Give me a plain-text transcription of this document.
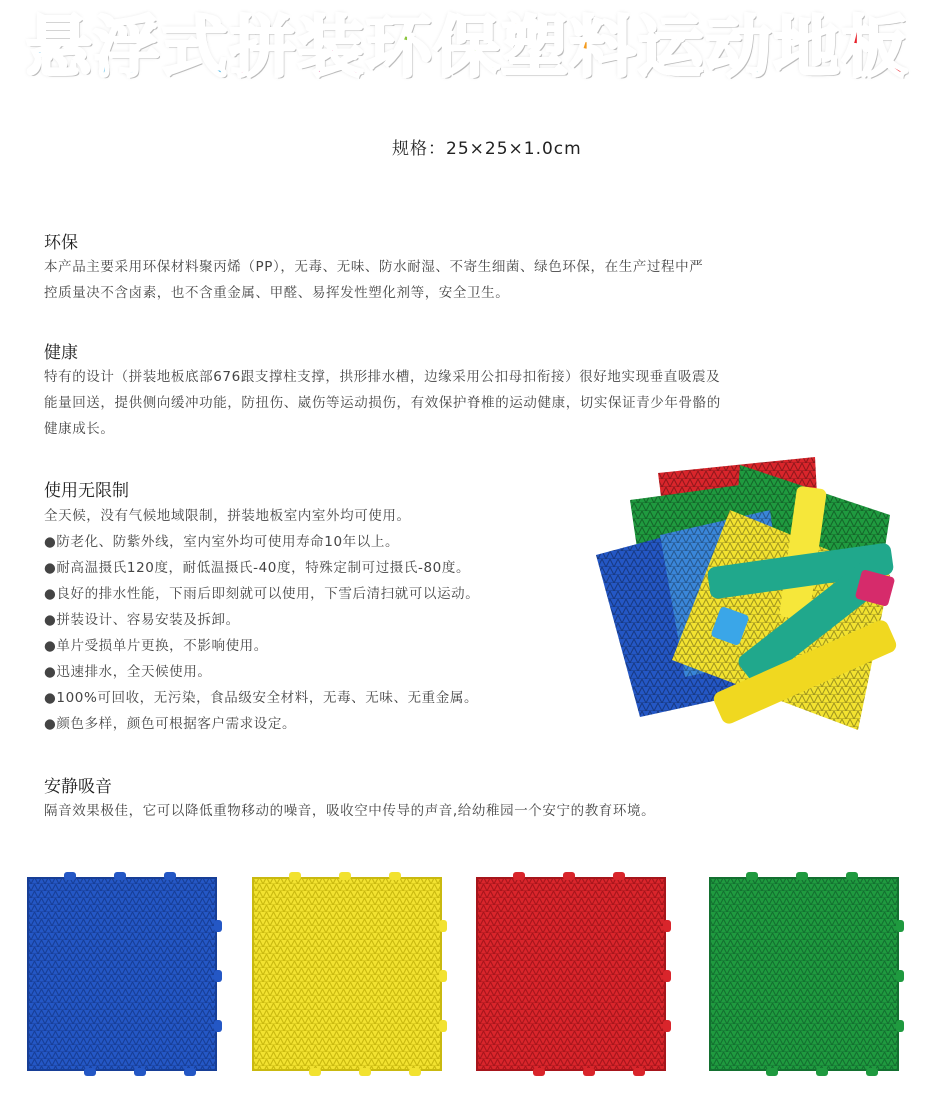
悬 浮 式 拼 装 环 保 塑 料 运 动 地 板
规格：25×25×1.0cm
环保
本产品主要采用环保材料聚丙烯（PP），无毒、无味、防水耐湿、不寄生细菌、绿色环保，在生产过程中严
控质量决不含卤素，也不含重金属、甲醛、易挥发性塑化剂等，安全卫生。
健康
特有的设计（拼装地板底部676跟支撑柱支撑，拱形排水槽，边缘采用公扣母扣衔接）很好地实现垂直吸震及
能量回送，提供侧向缓冲功能，防扭伤、崴伤等运动损伤，有效保护脊椎的运动健康，切实保证青少年骨骼的
健康成长。
使用无限制
全天候，没有气候地域限制，拼装地板室内室外均可使用。
●防老化、防紫外线，室内室外均可使用寿命10年以上。
●耐高温摄氏120度，耐低温摄氏-40度，特殊定制可过摄氏-80度。
●良好的排水性能，下雨后即刻就可以使用，下雪后清扫就可以运动。
●拼装设计、容易安装及拆卸。
●单片受损单片更换，不影响使用。
●迅速排水，全天候使用。
●100%可回收，无污染，食品级安全材料，无毒、无味、无重金属。
●颜色多样，颜色可根据客户需求设定。
安静吸音
隔音效果极佳，它可以降低重物移动的噪音，吸收空中传导的声音,给幼稚园一个安宁的教育环境。
